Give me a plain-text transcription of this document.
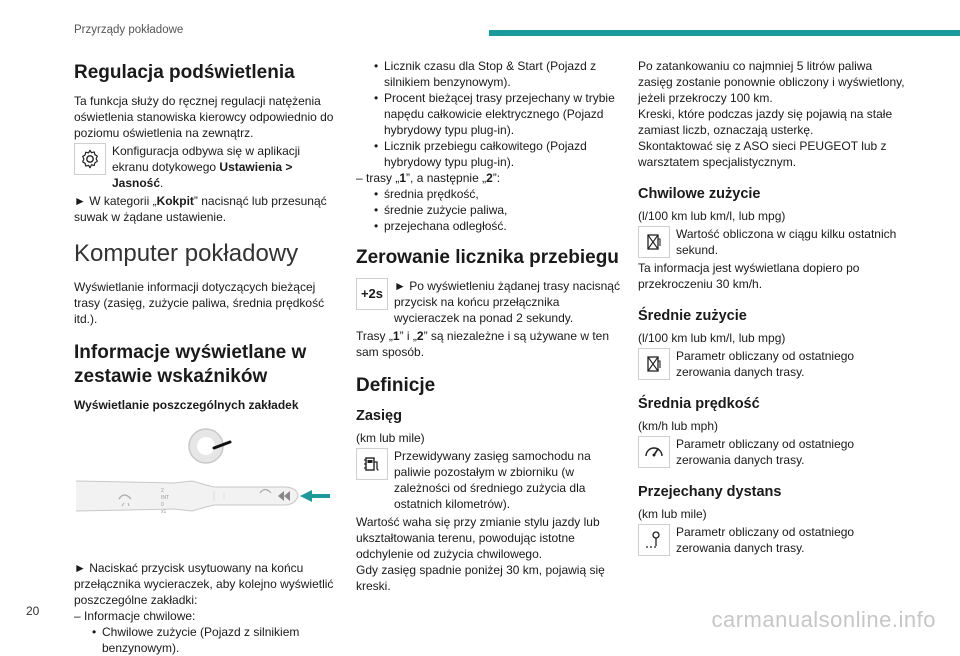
Przyrządy pokładowe
Regulacja podświetlenia

Ta funkcja służy do ręcznej regulacji natężenia oświetlenia stanowiska kierowcy odpowiednio do poziomu oświetlenia na zewnątrz.

Konfiguracja odbywa się w aplikacji ekranu dotykowego Ustawienia > Jasność.

► W kategorii „Kokpit” nacisnąć lub przesunąć suwak w żądane ustawienie.

Komputer pokładowy

Wyświetlanie informacji dotyczących bieżącej trasy (zasięg, zużycie paliwa, średnia prędkość itd.).

Informacje wyświetlane w zestawie wskaźników
Wyświetlanie poszczególnych zakładek
2
INT
0
x1

► Naciskać przycisk usytuowany na końcu przełącznika wycieraczek, aby kolejno wyświetlić poszczególne zakładki:

– Informacje chwilowe:

• Chwilowe zużycie (Pojazd z silnikiem benzynowym).
• Licznik czasu dla Stop & Start (Pojazd z silnikiem benzynowym).
• Procent bieżącej trasy przejechany w trybie napędu całkowicie elektrycznego (Pojazd hybrydowy typu plug-in).
• Licznik przebiegu całkowitego (Pojazd hybrydowy typu plug-in).

– trasy „1”, a następnie „2”:

• średnia prędkość,
• średnie zużycie paliwa,
• przejechana odległość.
Zerowanie licznika przebiegu
+2s ► Po wyświetleniu żądanej trasy nacisnąć przycisk na końcu przełącznika wycieraczek na ponad 2 sekundy.

Trasy „1” i „2” są niezależne i są używane w ten sam sposób.

Definicje
Zasięg

(km lub mile)

Przewidywany zasięg samochodu na paliwie pozostałym w zbiorniku (w zależności od średniego zużycia dla ostatnich kilometrów).

Wartość waha się przy zmianie stylu jazdy lub ukształtowania terenu, powodując istotne odchylenie od zużycia chwilowego.

Gdy zasięg spadnie poniżej 30 km, pojawią się kreski.

Po zatankowaniu co najmniej 5 litrów paliwa zasięg zostanie ponownie obliczony i wyświetlony, jeżeli przekroczy 100 km.

Kreski, które podczas jazdy się pojawią na stałe zamiast liczb, oznaczają usterkę.

Skontaktować się z ASO sieci PEUGEOT lub z warsztatem specjalistycznym.

Chwilowe zużycie

(l/100 km lub km/l, lub mpg)

Wartość obliczona w ciągu kilku ostatnich sekund.

Ta informacja jest wyświetlana dopiero po przekroczeniu 30 km/h.

Średnie zużycie

(l/100 km lub km/l, lub mpg)

Parametr obliczany od ostatniego zerowania danych trasy.
Średnia prędkość

(km/h lub mph)

Parametr obliczany od ostatniego zerowania danych trasy.
Przejechany dystans

(km lub mile)

Parametr obliczany od ostatniego zerowania danych trasy.
20	carmanualsonline.info
